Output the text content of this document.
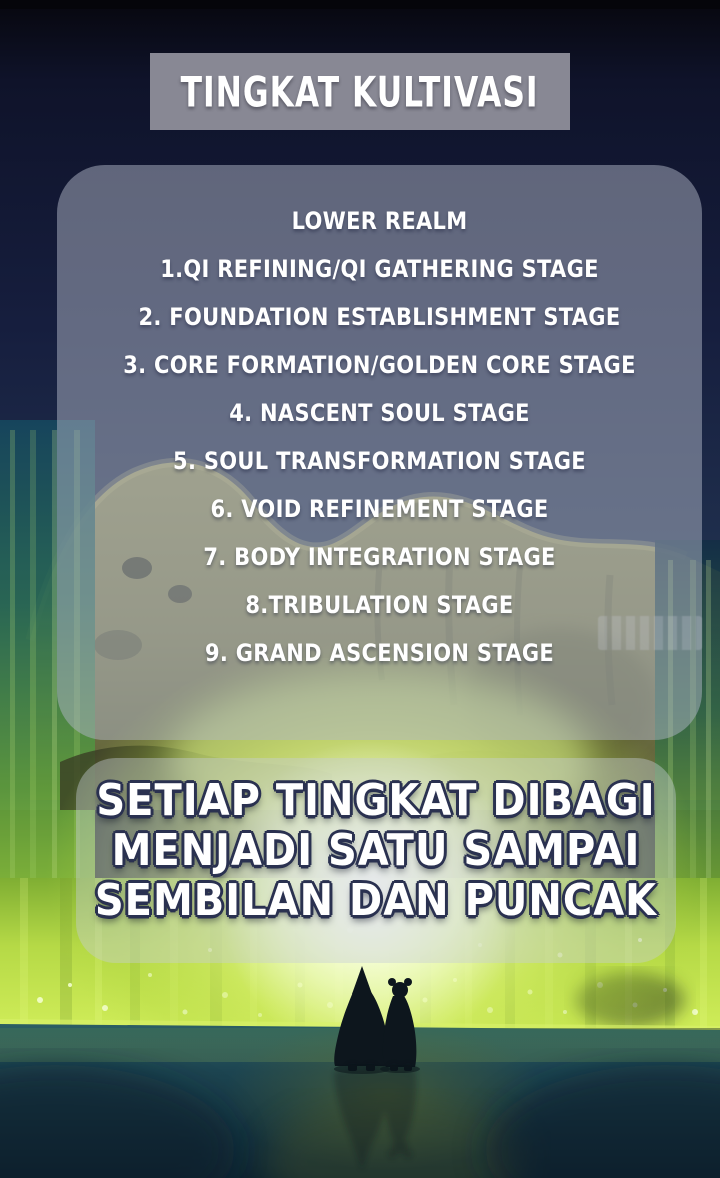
LOWER REALM
1.QI REFINING/QI GATHERING STAGE
2. FOUNDATION ESTABLISHMENT STAGE
3. CORE FORMATION/GOLDEN CORE STAGE
4. NASCENT SOUL STAGE
5. SOUL TRANSFORMATION STAGE
6. VOID REFINEMENT STAGE
7. BODY INTEGRATION STAGE
8.TRIBULATION STAGE
9. GRAND ASCENSION STAGE
SETIAP TINGKAT DIBAGI
MENJADI SATU SAMPAI
SEMBILAN DAN PUNCAK
TINGKAT KULTIVASI
